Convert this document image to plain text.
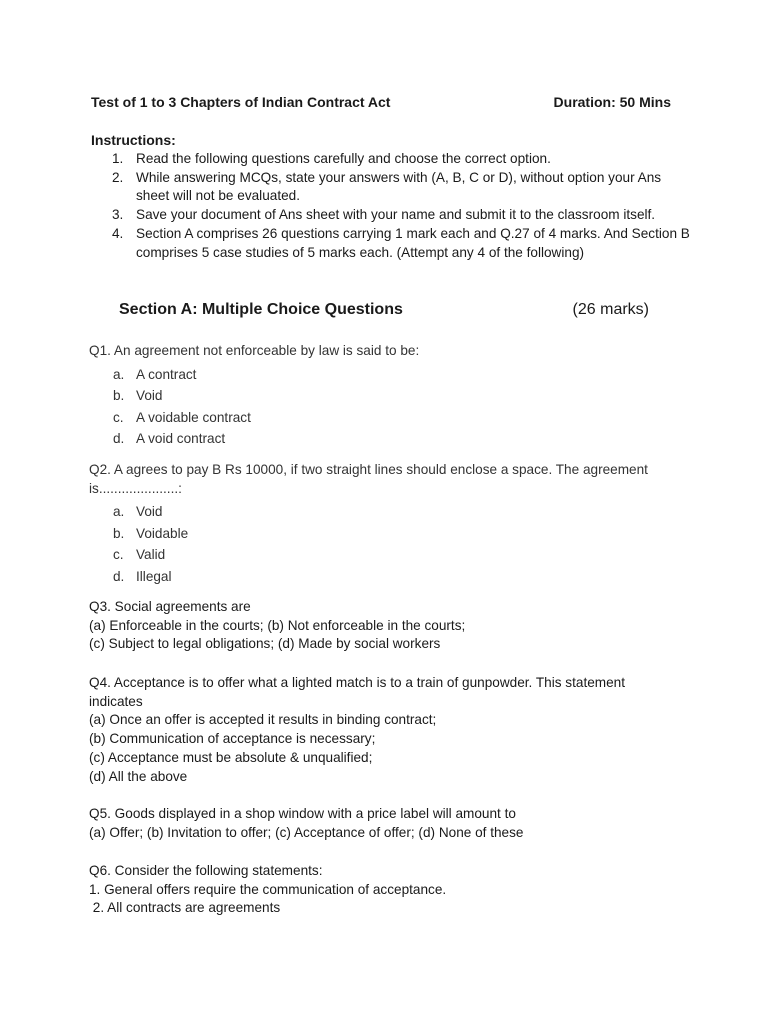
Test of 1 to 3 Chapters of Indian Contract Act	Duration: 50 Mins
Instructions:
1. Read the following questions carefully and choose the correct option.
2. While answering MCQs, state your answers with (A, B, C or D), without option your Ans sheet will not be evaluated.
3. Save your document of Ans sheet with your name and submit it to the classroom itself.
4. Section A comprises 26 questions carrying 1 mark each and Q.27 of 4 marks. And Section B comprises 5 case studies of 5 marks each. (Attempt any 4 of the following)
Section A: Multiple Choice Questions	(26 marks)
Q1. An agreement not enforceable by law is said to be:
a. A contract
b. Void
c. A voidable contract
d. A void contract
Q2. A agrees to pay B Rs 10000, if two straight lines should enclose a space. The agreement is.....................:
a. Void
b. Voidable
c. Valid
d. Illegal
Q3. Social agreements are
(a) Enforceable in the courts; (b) Not enforceable in the courts;
(c) Subject to legal obligations; (d) Made by social workers
Q4. Acceptance is to offer what a lighted match is to a train of gunpowder. This statement indicates
(a) Once an offer is accepted it results in binding contract;
(b) Communication of acceptance is necessary;
(c) Acceptance must be absolute & unqualified;
(d) All the above
Q5. Goods displayed in a shop window with a price label will amount to
(a) Offer; (b) Invitation to offer; (c) Acceptance of offer; (d) None of these
Q6. Consider the following statements:
1. General offers require the communication of acceptance.
2. All contracts are agreements
